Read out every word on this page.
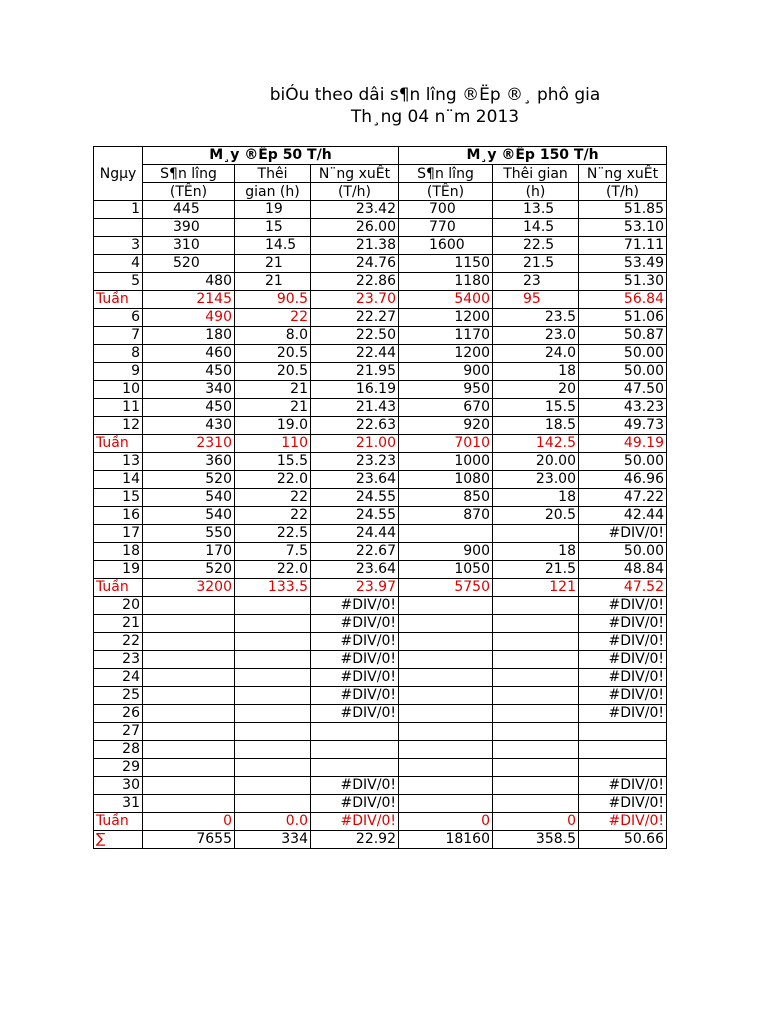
biÓu theo dâi s¶n lîng ®Ëp ®¸ phô gia
Th¸ng 04 n¨m 2013
Ngµy	M¸y ®Ëp 50 T/h			M¸y ®Ëp 150 T/h		
	S¶n lîng	Thêi	N¨ng xuÊt	S¶n lîng	Thêi gian	N¨ng xuÊt
	(TÊn)	gian (h)	(T/h)	(TÊn)	(h)	(T/h)
1	445	19	23.42	700	13.5	51.85
	390	15	26.00	770	14.5	53.10
3	310	14.5	21.38	1600	22.5	71.11
4	520	21	24.76	1150	21.5	53.49
5	480	21	22.86	1180	23	51.30
Tuần	2145	90.5	23.70	5400	95	56.84
6	490	22	22.27	1200	23.5	51.06
7	180	8.0	22.50	1170	23.0	50.87
8	460	20.5	22.44	1200	24.0	50.00
9	450	20.5	21.95	900	18	50.00
10	340	21	16.19	950	20	47.50
11	450	21	21.43	670	15.5	43.23
12	430	19.0	22.63	920	18.5	49.73
Tuần	2310	110	21.00	7010	142.5	49.19
13	360	15.5	23.23	1000	20.00	50.00
14	520	22.0	23.64	1080	23.00	46.96
15	540	22	24.55	850	18	47.22
16	540	22	24.55	870	20.5	42.44
17	550	22.5	24.44			#DIV/0!
18	170	7.5	22.67	900	18	50.00
19	520	22.0	23.64	1050	21.5	48.84
Tuần	3200	133.5	23.97	5750	121	47.52
20			#DIV/0!			#DIV/0!
21			#DIV/0!			#DIV/0!
22			#DIV/0!			#DIV/0!
23			#DIV/0!			#DIV/0!
24			#DIV/0!			#DIV/0!
25			#DIV/0!			#DIV/0!
26			#DIV/0!			#DIV/0!
27						
28						
29						
30			#DIV/0!			#DIV/0!
31			#DIV/0!			#DIV/0!
Tuần	0	0.0	#DIV/0!	0	0	#DIV/0!
∑	7655	334	22.92	18160	358.5	50.66
